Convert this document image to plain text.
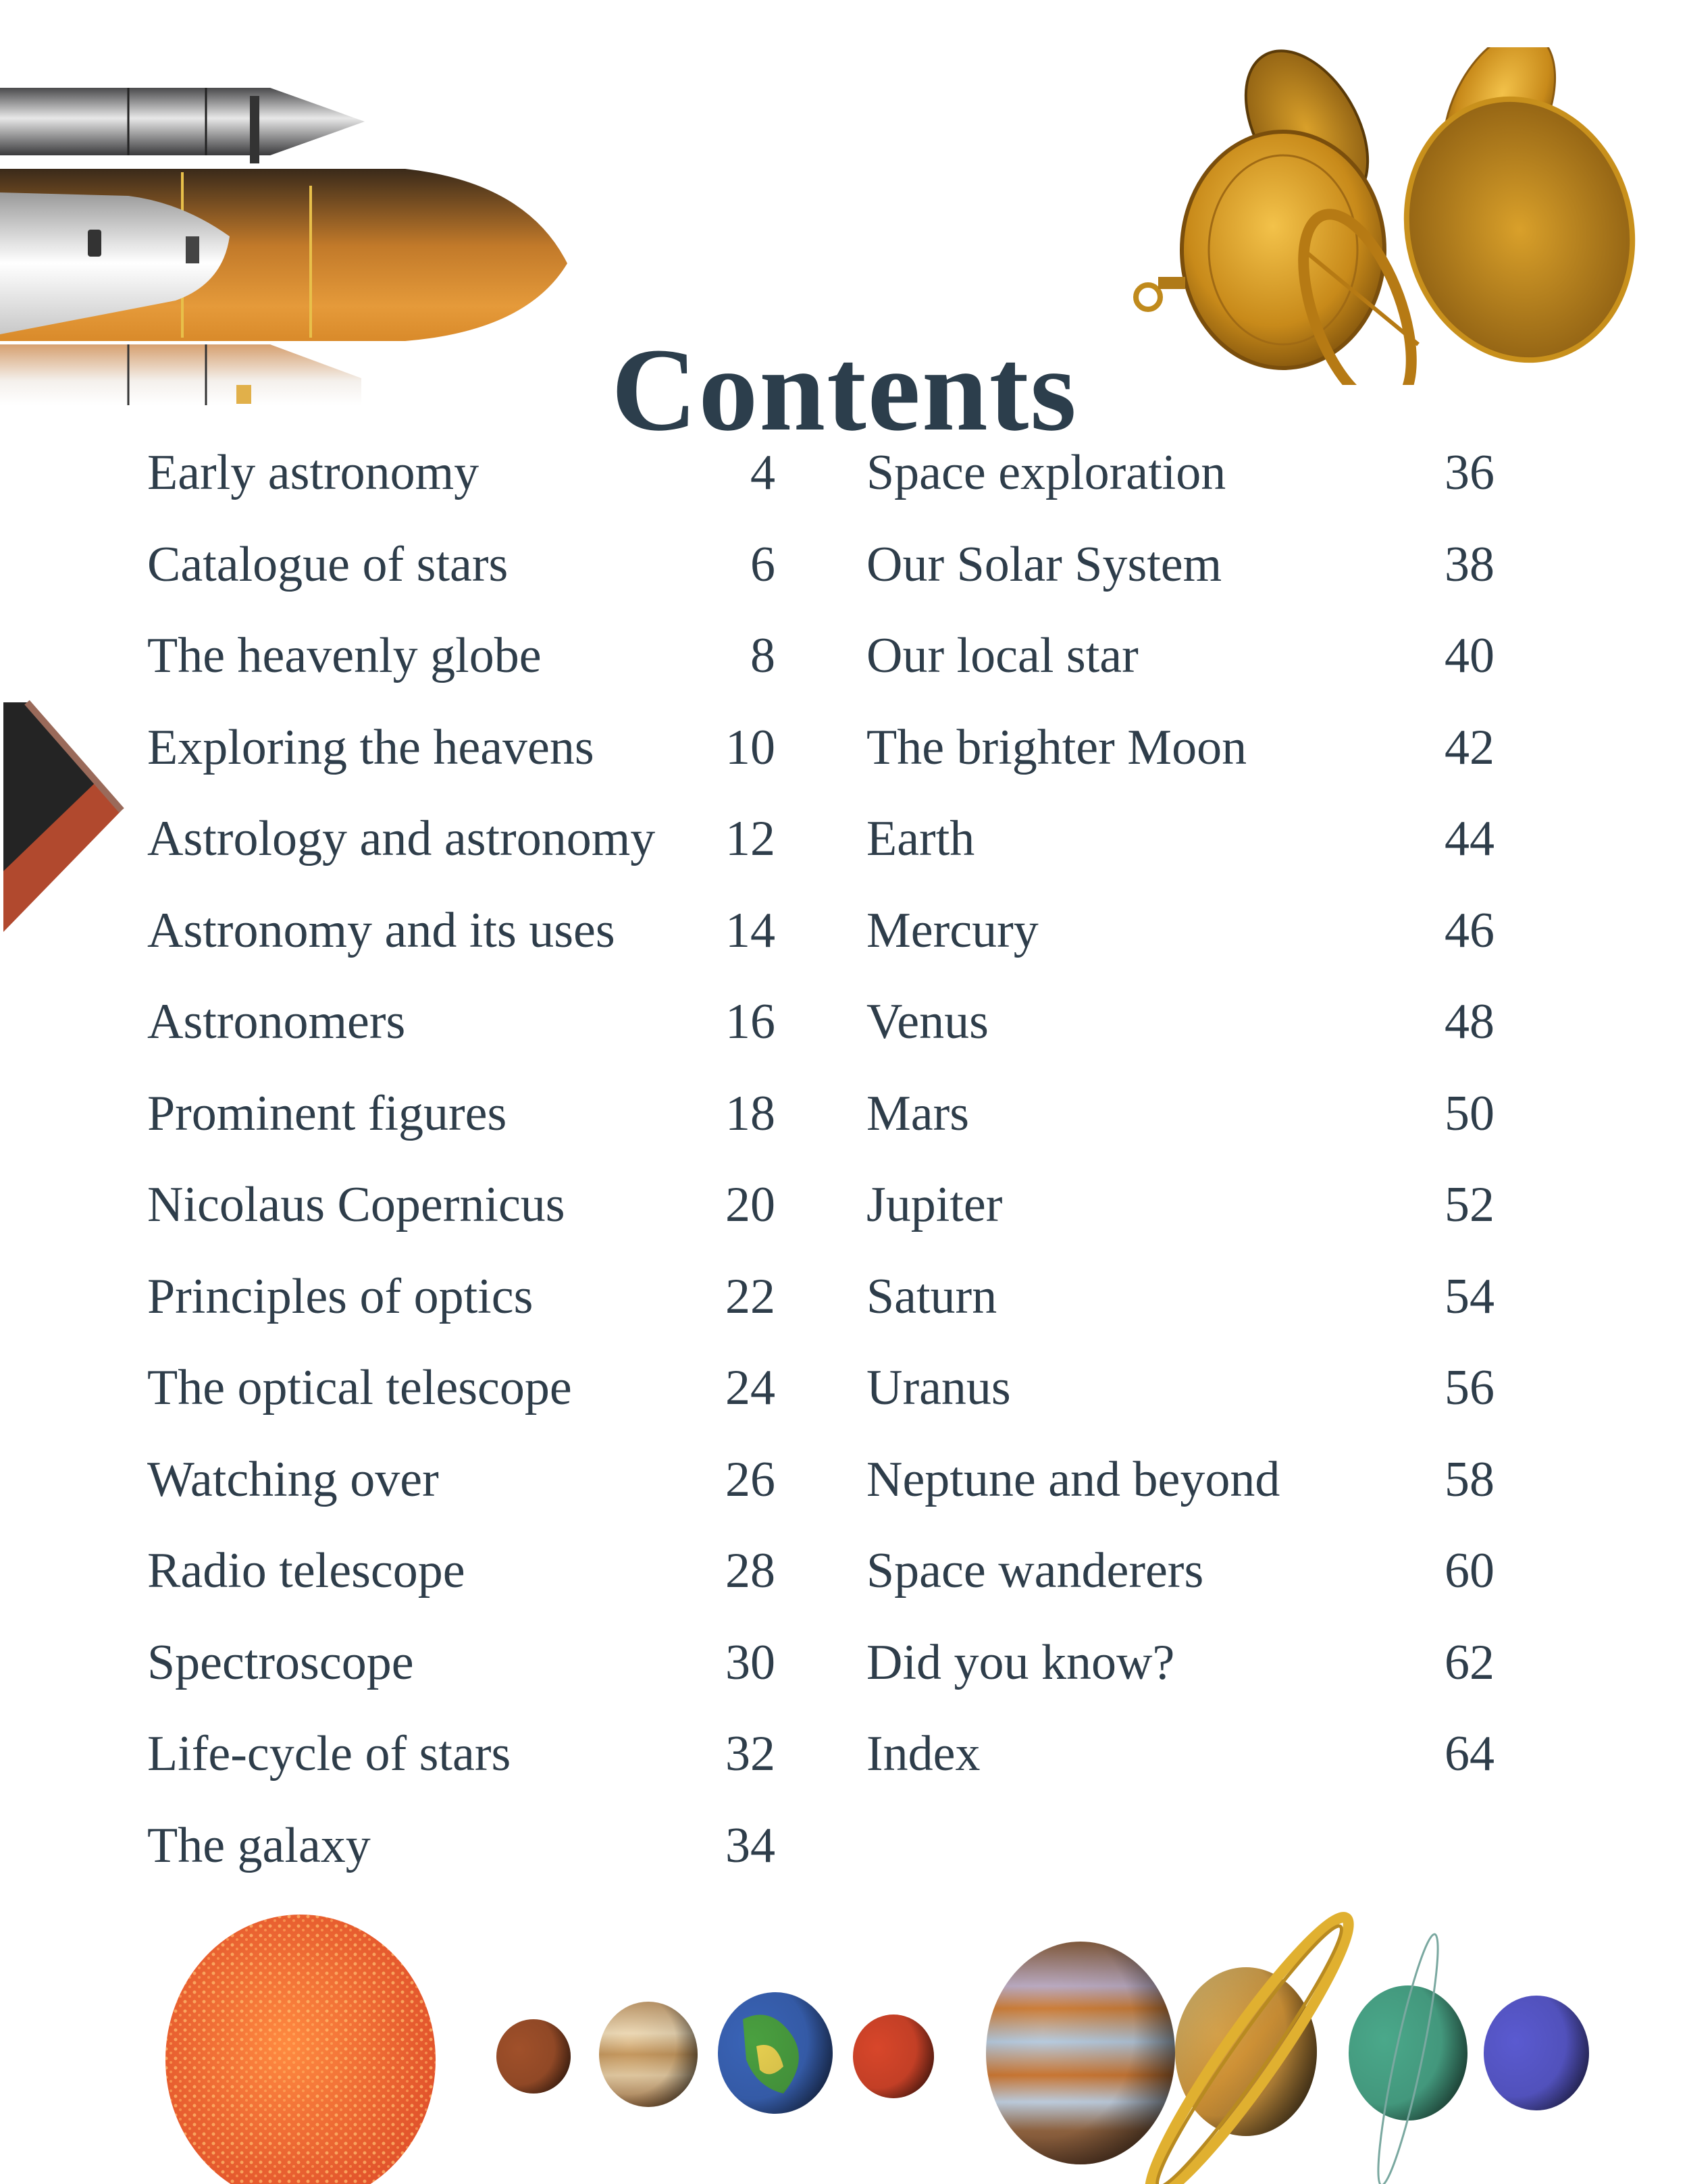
Contents
Early astronomy	4
Catalogue of stars	6
The heavenly globe	8
Exploring the heavens	10
Astrology and astronomy	12
Astronomy and its uses	14
Astronomers	16
Prominent figures	18
Nicolaus Copernicus	20
Principles of optics	22
The optical telescope	24
Watching over	26
Radio telescope	28
Spectroscope	30
Life-cycle of stars	32
The galaxy	34
Space exploration	36
Our Solar System	38
Our local star	40
The brighter Moon	42
Earth	44
Mercury	46
Venus	48
Mars	50
Jupiter	52
Saturn	54
Uranus	56
Neptune and beyond	58
Space wanderers	60
Did you know?	62
Index	64
